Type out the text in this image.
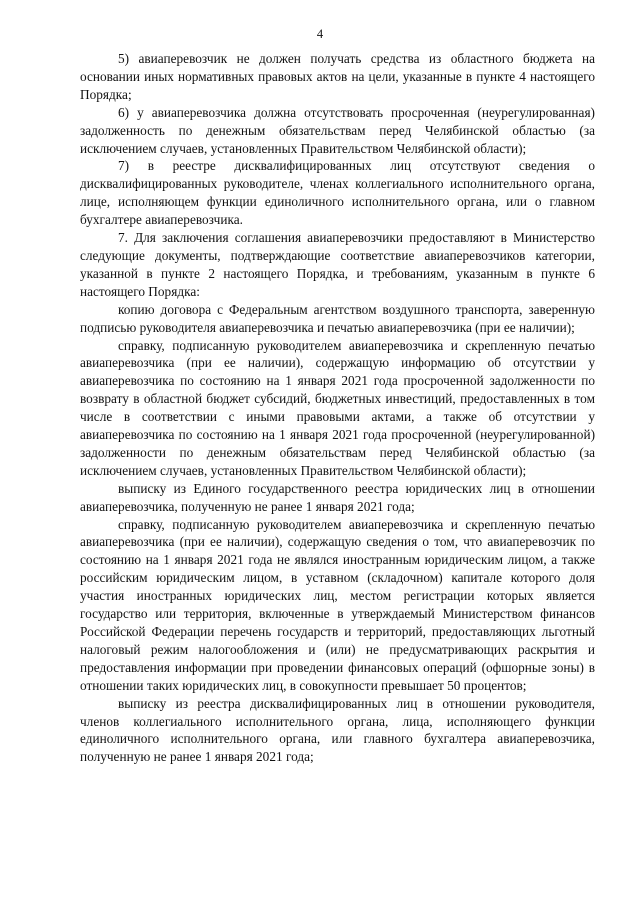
4

5) авиаперевозчик не должен получать средства из областного бюджета на основании иных нормативных правовых актов на цели, указанные в пункте 4 настоящего Порядка;

6) у авиаперевозчика должна отсутствовать просроченная (неурегулированная) задолженность по денежным обязательствам перед Челябинской областью (за исключением случаев, установленных Правительством Челябинской области);

7) в реестре дисквалифицированных лиц отсутствуют сведения о дисквалифицированных руководителе, членах коллегиального исполнительного органа, лице, исполняющем функции единоличного исполнительного органа, или о главном бухгалтере авиаперевозчика.

7. Для заключения соглашения авиаперевозчики предоставляют в Министерство следующие документы, подтверждающие соответствие авиаперевозчиков категории, указанной в пункте 2 настоящего Порядка, и требованиям, указанным в пункте 6 настоящего Порядка:

копию договора с Федеральным агентством воздушного транспорта, заверенную подписью руководителя авиаперевозчика и печатью авиаперевозчика (при ее наличии);

справку, подписанную руководителем авиаперевозчика и скрепленную печатью авиаперевозчика (при ее наличии), содержащую информацию об отсутствии у авиаперевозчика по состоянию на 1 января 2021 года просроченной задолженности по возврату в областной бюджет субсидий, бюджетных инвестиций, предоставленных в том числе в соответствии с иными правовыми актами, а также об отсутствии у авиаперевозчика по состоянию на 1 января 2021 года просроченной (неурегулированной) задолженности по денежным обязательствам перед Челябинской областью (за исключением случаев, установленных Правительством Челябинской области);

выписку из Единого государственного реестра юридических лиц в отношении авиаперевозчика, полученную не ранее 1 января 2021 года;

справку, подписанную руководителем авиаперевозчика и скрепленную печатью авиаперевозчика (при ее наличии), содержащую сведения о том, что авиаперевозчик по состоянию на 1 января 2021 года не являлся иностранным юридическим лицом, а также российским юридическим лицом, в уставном (складочном) капитале которого доля участия иностранных юридических лиц, местом регистрации которых является государство или территория, включенные в утверждаемый Министерством финансов Российской Федерации перечень государств и территорий, предоставляющих льготный налоговый режим налогообложения и (или) не предусматривающих раскрытия и предоставления информации при проведении финансовых операций (офшорные зоны) в отношении таких юридических лиц, в совокупности превышает 50 процентов;

выписку из реестра дисквалифицированных лиц в отношении руководителя, членов коллегиального исполнительного органа, лица, исполняющего функции единоличного исполнительного органа, или главного бухгалтера авиаперевозчика, полученную не ранее 1 января 2021 года;
